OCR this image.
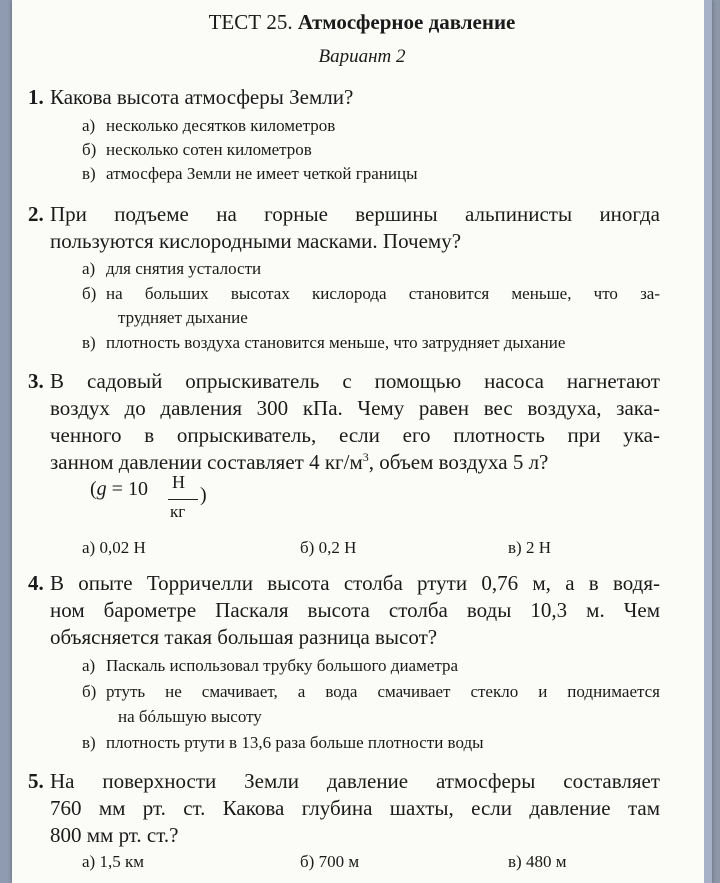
ТЕСТ 25. Атмосферное давление
Вариант 2
1. Какова высота атмосферы Земли?
а) несколько десятков километров
б) несколько сотен километров
в) атмосфера Земли не имеет четкой границы
2. При подъеме на горные вершины альпинисты иногда
пользуются кислородными масками. Почему?
а) для снятия усталости
б) на больших высотах кислорода становится меньше, что за-
трудняет дыхание
в) плотность воздуха становится меньше, что затрудняет дыхание
3. В садовый опрыскиватель с помощью насоса нагнетают
воздух до давления 300 кПа. Чему равен вес воздуха, зака-
ченного в опрыскиватель, если его плотность при ука-
занном давлении составляет 4 $кг/м^3$, объем воздуха 5 л?
(g = 10 Н
кг
)
а) 0,02 Н	б) 0,2 Н	в) 2 Н
4. В опыте Торричелли высота столба ртути 0,76 м, а в водя-
ном барометре Паскаля высота столба воды 10,3 м. Чем
объясняется такая большая разница высот?
а) Паскаль использовал трубку большого диаметра
б) ртуть не смачивает, а вода смачивает стекло и поднимается
на бóльшую высоту
в) плотность ртути в 13,6 раза больше плотности воды
5. На поверхности Земли давление атмосферы составляет
760 мм рт. ст. Какова глубина шахты, если давление там
800 мм рт. ст.?
а) 1,5 км	б) 700 м	в) 480 м
